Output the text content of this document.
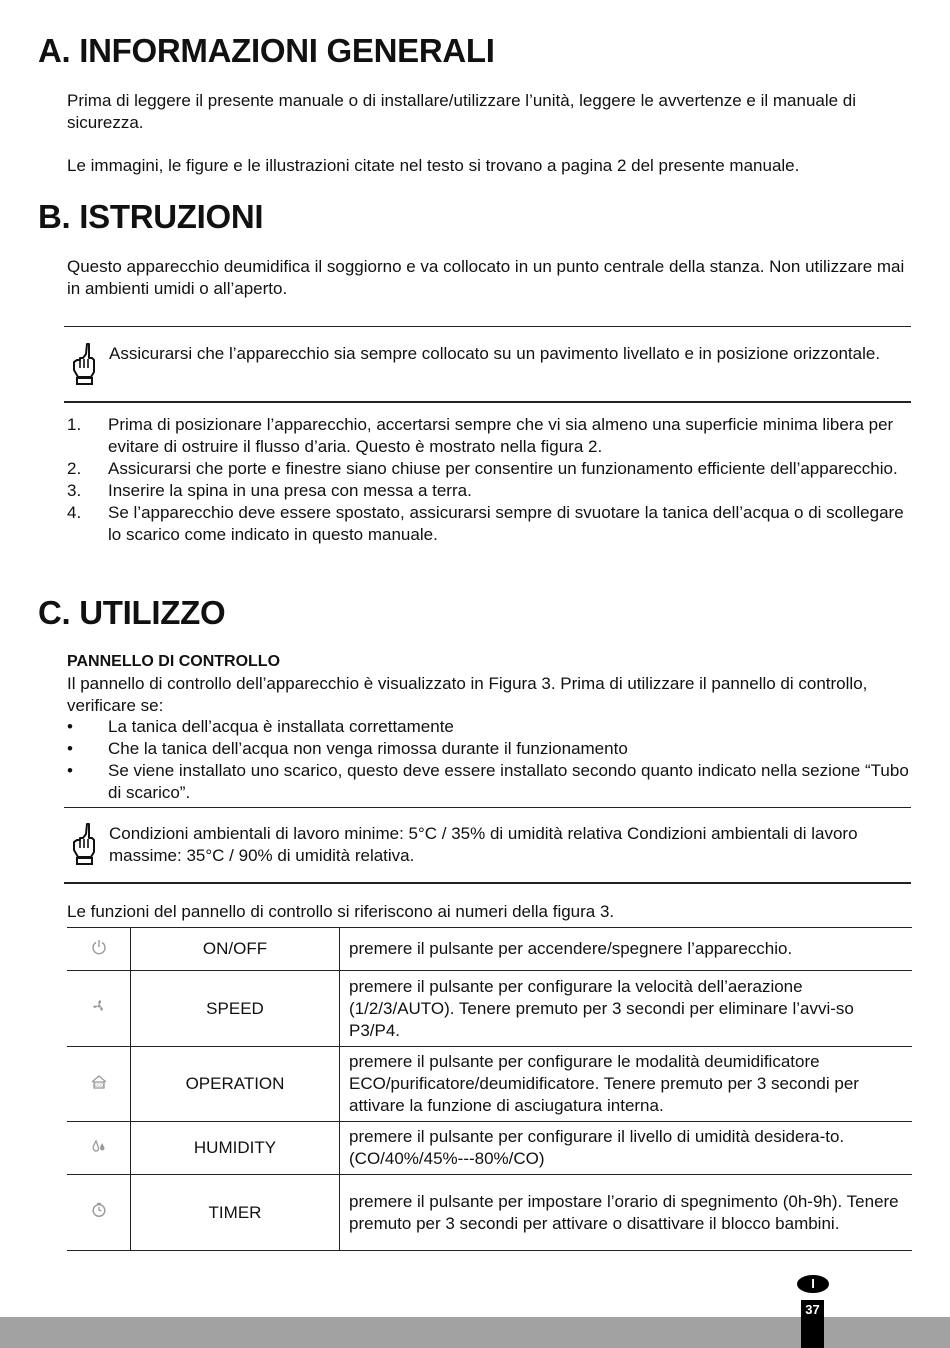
A. INFORMAZIONI GENERALI

Prima di leggere il presente manuale o di installare/utilizzare l’unità, leggere le avvertenze e il manuale di sicurezza.

Le immagini, le figure e le illustrazioni citate nel testo si trovano a pagina 2 del presente manuale.

B. ISTRUZIONI

Questo apparecchio deumidifica il soggiorno e va collocato in un punto centrale della stanza. Non utilizzare mai in ambienti umidi o all’aperto.

Assicurarsi che l’apparecchio sia sempre collocato su un pavimento livellato e in posizione orizzontale.
1. Prima di posizionare l’apparecchio, accertarsi sempre che vi sia almeno una superficie minima libera per evitare di ostruire il flusso d’aria. Questo è mostrato nella figura 2.
2. Assicurarsi che porte e finestre siano chiuse per consentire un funzionamento efficiente dell’apparecchio.
3. Inserire la spina in una presa con messa a terra.
4. Se l’apparecchio deve essere spostato, assicurarsi sempre di svuotare la tanica dell’acqua o di scollegare lo scarico come indicato in questo manuale.
C. UTILIZZO
PANNELLO DI CONTROLLO

Il pannello di controllo dell’apparecchio è visualizzato in Figura 3. Prima di utilizzare il pannello di controllo, verificare se:

• La tanica dell’acqua è installata correttamente
• Che la tanica dell’acqua non venga rimossa durante il funzionamento
• Se viene installato uno scarico, questo deve essere installato secondo quanto indicato nella sezione “Tubo di scarico”.
Condizioni ambientali di lavoro minime: 5°C / 35% di umidità relativa Condizioni ambientali di lavoro massime: 35°C / 90% di umidità relativa.

Le funzioni del pannello di controllo si riferiscono ai numeri della figura 3.

	ON/OFF	premere il pulsante per accendere/spegnere l’apparecchio.

	SPEED	premere il pulsante per configurare la velocità dell’aerazione (1/2/3/AUTO). Tenere premuto per 3 secondi per eliminare l’avvi-so P3/P4.

ECO	OPERATION	premere il pulsante per configurare le modalità deumidificatore ECO/purificatore/deumidificatore. Tenere premuto per 3 secondi per attivare la funzione di asciugatura interna.

	HUMIDITY	premere il pulsante per configurare il livello di umidità desidera-to. (CO/40%/45%---80%/CO)

	TIMER	premere il pulsante per impostare l’orario di spegnimento (0h-9h). Tenere premuto per 3 secondi per attivare o disattivare il blocco bambini.
I
37
